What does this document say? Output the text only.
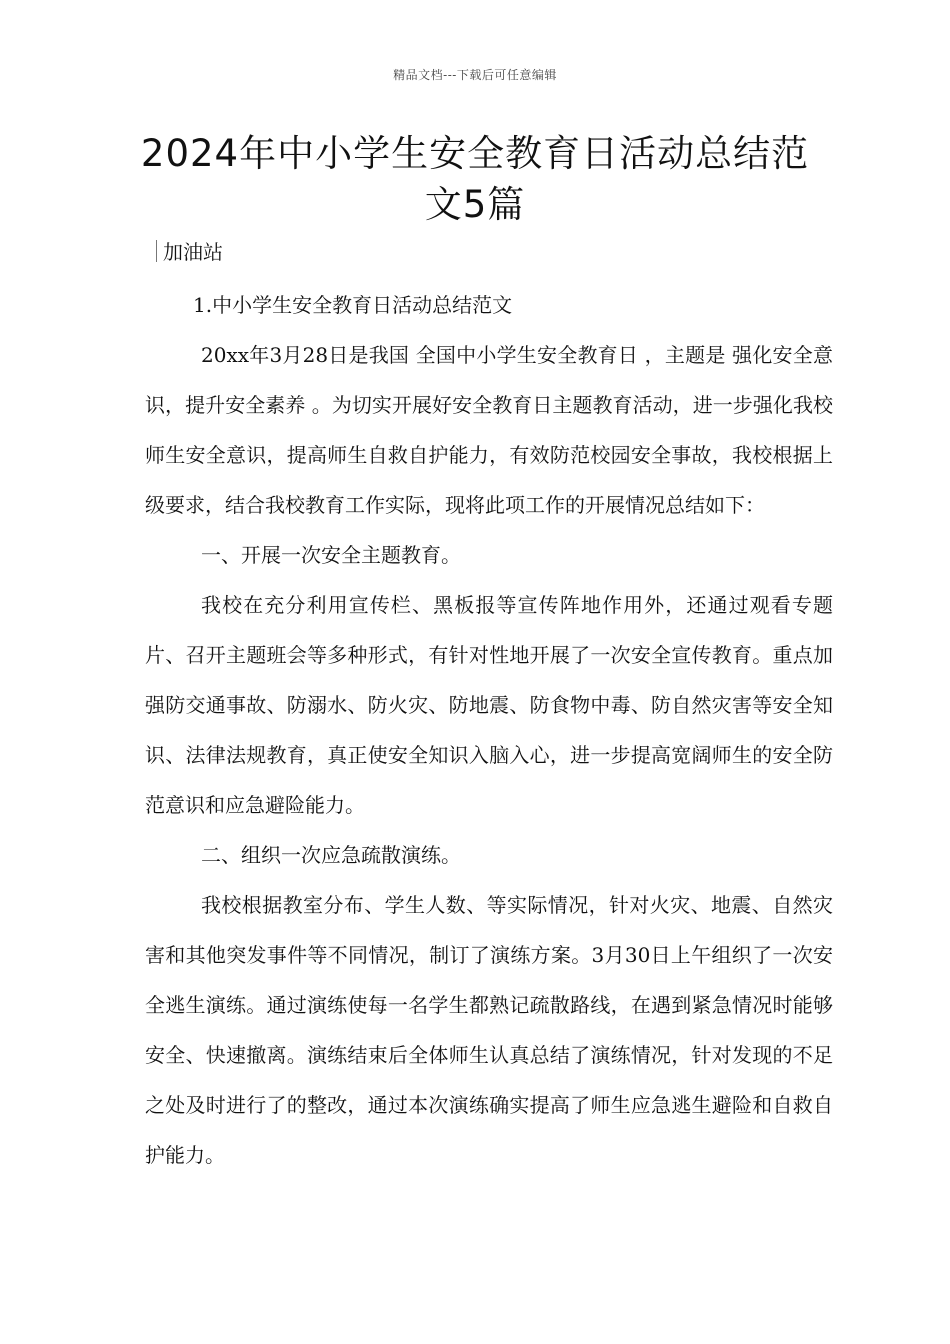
精品文档---下载后可任意编辑
2024年中小学生安全教育日活动总结范
文5篇
加油站

1.中小学生安全教育日活动总结范文

20xx年3月28日是我国 全国中小学生安全教育日 ，主题是 强化安全意识，提升安全素养 。为切实开展好安全教育日主题教育活动，进一步强化我校师生安全意识，提高师生自救自护能力，有效防范校园安全事故，我校根据上级要求，结合我校教育工作实际，现将此项工作的开展情况总结如下：

一、开展一次安全主题教育。

我校在充分利用宣传栏、黑板报等宣传阵地作用外，还通过观看专题片、召开主题班会等多种形式，有针对性地开展了一次安全宣传教育。重点加强防交通事故、防溺水、防火灾、防地震、防食物中毒、防自然灾害等安全知识、法律法规教育，真正使安全知识入脑入心，进一步提高宽阔师生的安全防范意识和应急避险能力。

二、组织一次应急疏散演练。

我校根据教室分布、学生人数、等实际情况，针对火灾、地震、自然灾害和其他突发事件等不同情况，制订了演练方案。3月30日上午组织了一次安全逃生演练。通过演练使每一名学生都熟记疏散路线，在遇到紧急情况时能够安全、快速撤离。演练结束后全体师生认真总结了演练情况，针对发现的不足之处及时进行了的整改，通过本次演练确实提高了师生应急逃生避险和自救自护能力。
